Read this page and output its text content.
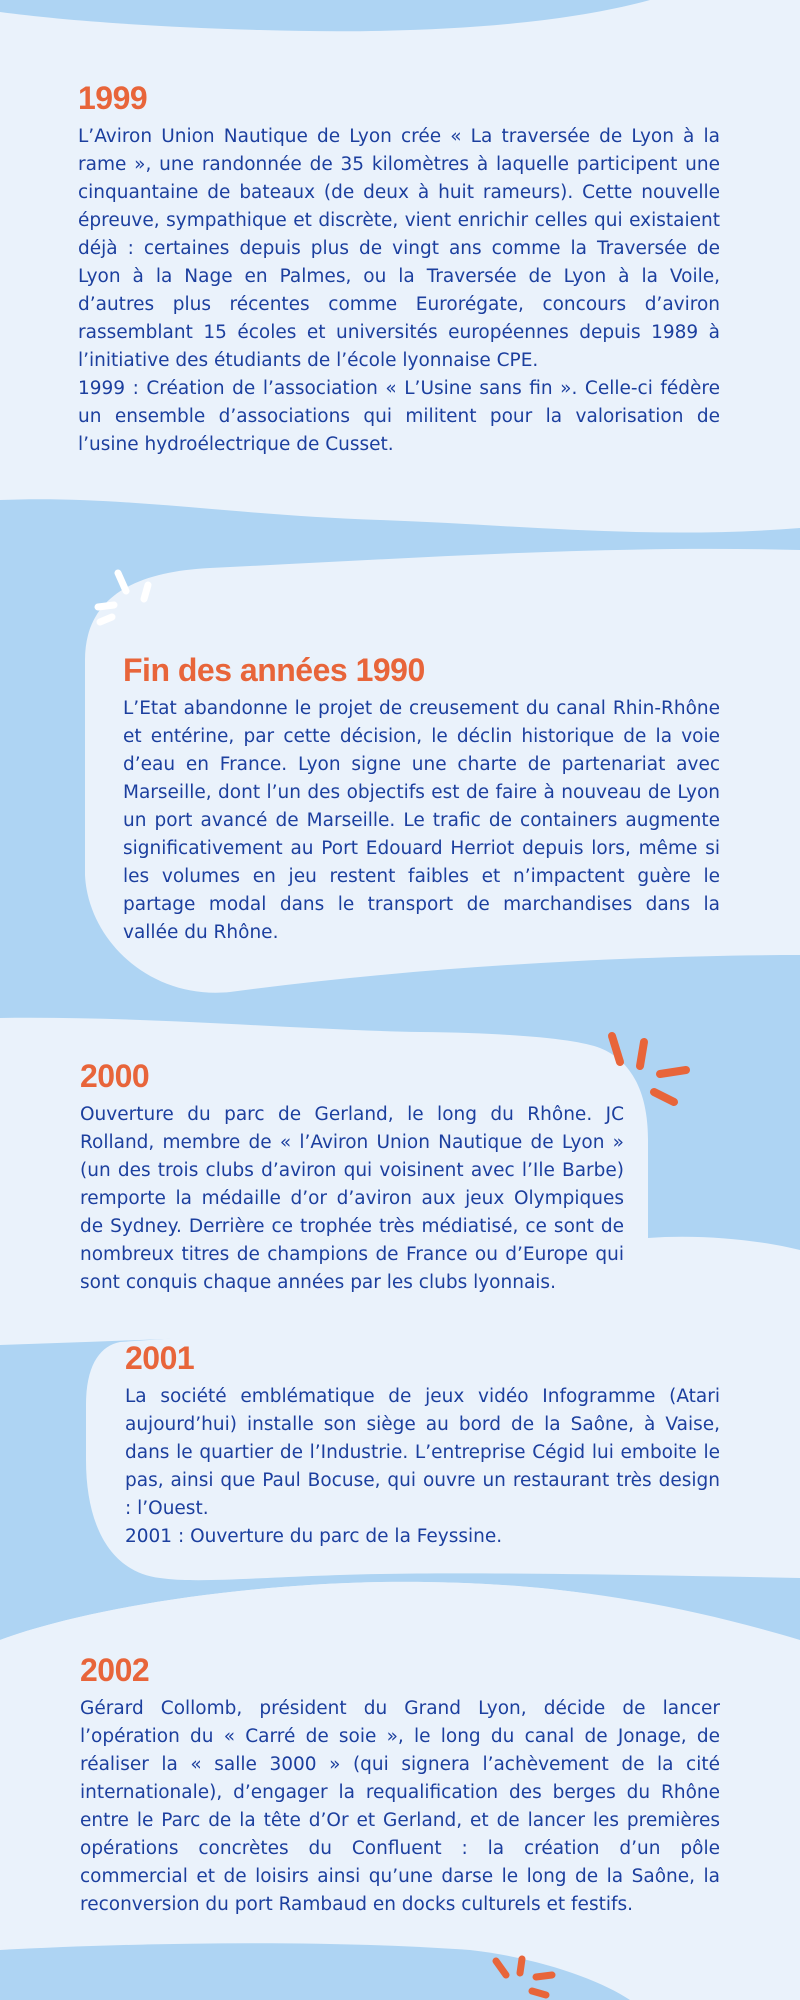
1999

L’Aviron Union Nautique de Lyon crée « La traversée de Lyon à la rame », une randonnée de 35 kilomètres à laquelle participent une cinquantaine de bateaux (de deux à huit rameurs). Cette nouvelle épreuve, sympathique et discrète, vient enrichir celles qui existaient déjà : certaines depuis plus de vingt ans comme la Traversée de Lyon à la Nage en Palmes, ou la Traversée de Lyon à la Voile, d’autres plus récentes comme Eurorégate, concours d’aviron rassemblant 15 écoles et universités européennes depuis 1989 à l’initiative des étudiants de l’école lyonnaise CPE.

1999 : Création de l’association « L’Usine sans fin ». Celle-ci fédère un ensemble d’associations qui militent pour la valorisation de l’usine hydroélectrique de Cusset.

Fin des années 1990

L’Etat abandonne le projet de creusement du canal Rhin-Rhône et entérine, par cette décision, le déclin historique de la voie d’eau en France. Lyon signe une charte de partenariat avec Marseille, dont l’un des objectifs est de faire à nouveau de Lyon un port avancé de Marseille. Le trafic de containers augmente significativement au Port Edouard Herriot depuis lors, même si les volumes en jeu restent faibles et n’impactent guère le partage modal dans le transport de marchandises dans la vallée du Rhône.

2000

Ouverture du parc de Gerland, le long du Rhône. JC Rolland, membre de « l’Aviron Union Nautique de Lyon » (un des trois clubs d’aviron qui voisinent avec l’Ile Barbe) remporte la médaille d’or d’aviron aux jeux Olympiques de Sydney. Derrière ce trophée très médiatisé, ce sont de nombreux titres de champions de France ou d’Europe qui sont conquis chaque années par les clubs lyonnais.

2001

La société emblématique de jeux vidéo Infogramme (Atari aujourd’hui) installe son siège au bord de la Saône, à Vaise, dans le quartier de l’Industrie. L’entreprise Cégid lui emboite le pas, ainsi que Paul Bocuse, qui ouvre un restaurant très design : l’Ouest.

2001 : Ouverture du parc de la Feyssine.

2002

Gérard Collomb, président du Grand Lyon, décide de lancer l’opération du « Carré de soie », le long du canal de Jonage, de réaliser la « salle 3000 » (qui signera l’achèvement de la cité internationale), d’engager la requalification des berges du Rhône entre le Parc de la tête d’Or et Gerland, et de lancer les premières opérations concrètes du Confluent : la création d’un pôle commercial et de loisirs ainsi qu’une darse le long de la Saône, la reconversion du port Rambaud en docks culturels et festifs.
